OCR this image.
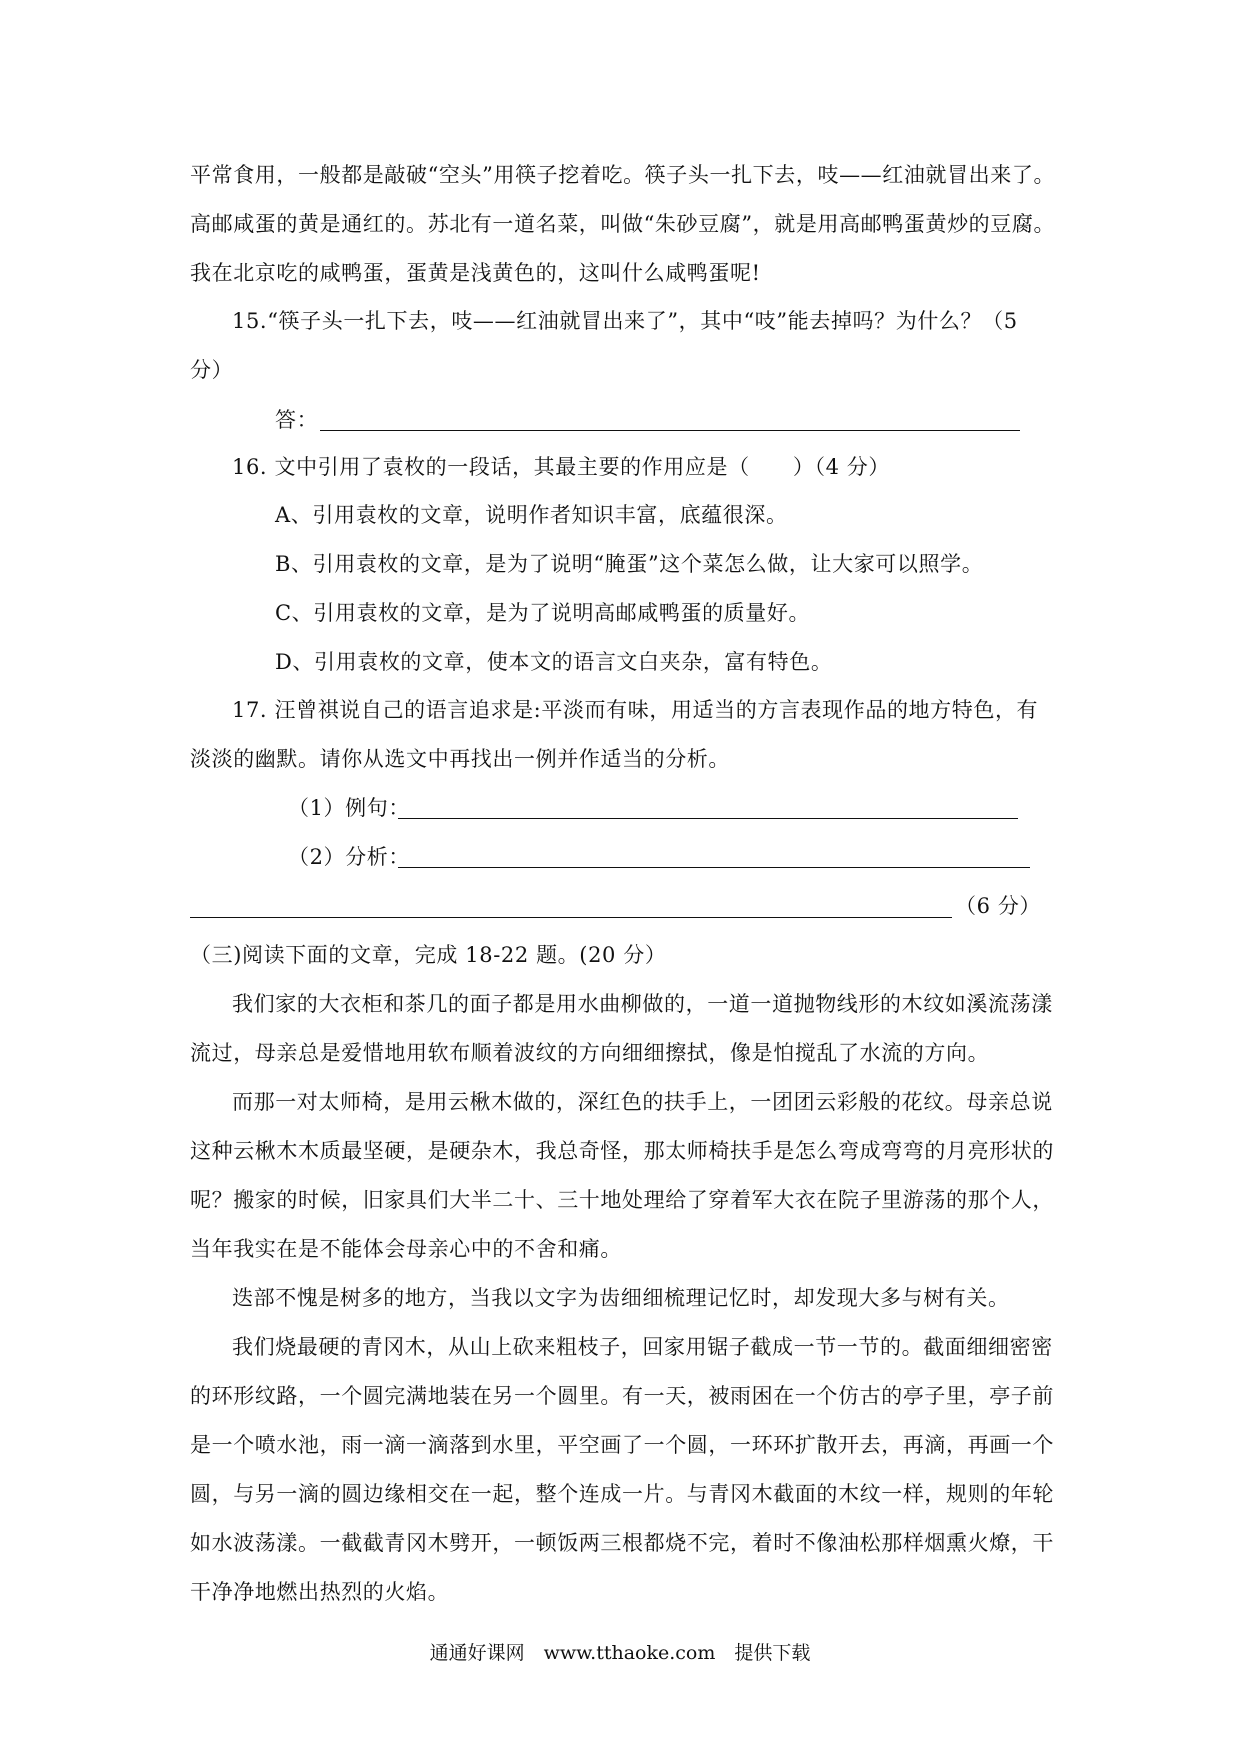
平常食用，一般都是敲破“空头”用筷子挖着吃。筷子头一扎下去，吱——红油就冒出来了。
高邮咸蛋的黄是通红的。苏北有一道名菜，叫做“朱砂豆腐”，就是用高邮鸭蛋黄炒的豆腐。
我在北京吃的咸鸭蛋，蛋黄是浅黄色的，这叫什么咸鸭蛋呢!
15.“筷子头一扎下去，吱——红油就冒出来了”，其中“吱”能去掉吗？为什么？（5
分）
答：
16. 文中引用了袁枚的一段话，其最主要的作用应是（　　）（4 分）
A、引用袁枚的文章，说明作者知识丰富，底蕴很深。
B、引用袁枚的文章，是为了说明“腌蛋”这个菜怎么做，让大家可以照学。
C、引用袁枚的文章，是为了说明高邮咸鸭蛋的质量好。
D、引用袁枚的文章，使本文的语言文白夹杂，富有特色。
17. 汪曾祺说自己的语言追求是:平淡而有味，用适当的方言表现作品的地方特色，有
淡淡的幽默。请你从选文中再找出一例并作适当的分析。
（1）例句：
（2）分析：
（6 分）
（三)阅读下面的文章，完成 18-22 题。(20 分）
我们家的大衣柜和茶几的面子都是用水曲柳做的，一道一道抛物线形的木纹如溪流荡漾
流过，母亲总是爱惜地用软布顺着波纹的方向细细擦拭，像是怕搅乱了水流的方向。
而那一对太师椅，是用云楸木做的，深红色的扶手上，一团团云彩般的花纹。母亲总说
这种云楸木木质最坚硬，是硬杂木，我总奇怪，那太师椅扶手是怎么弯成弯弯的月亮形状的
呢？搬家的时候，旧家具们大半二十、三十地处理给了穿着军大衣在院子里游荡的那个人，
当年我实在是不能体会母亲心中的不舍和痛。
迭部不愧是树多的地方，当我以文字为齿细细梳理记忆时，却发现大多与树有关。
我们烧最硬的青冈木，从山上砍来粗枝子，回家用锯子截成一节一节的。截面细细密密
的环形纹路，一个圆完满地装在另一个圆里。有一天，被雨困在一个仿古的亭子里，亭子前
是一个喷水池，雨一滴一滴落到水里，平空画了一个圆，一环环扩散开去，再滴，再画一个
圆，与另一滴的圆边缘相交在一起，整个连成一片。与青冈木截面的木纹一样，规则的年轮
如水波荡漾。一截截青冈木劈开，一顿饭两三根都烧不完，着时不像油松那样烟熏火燎，干
干净净地燃出热烈的火焰。
通通好课网　www.tthaoke.com　提供下载
